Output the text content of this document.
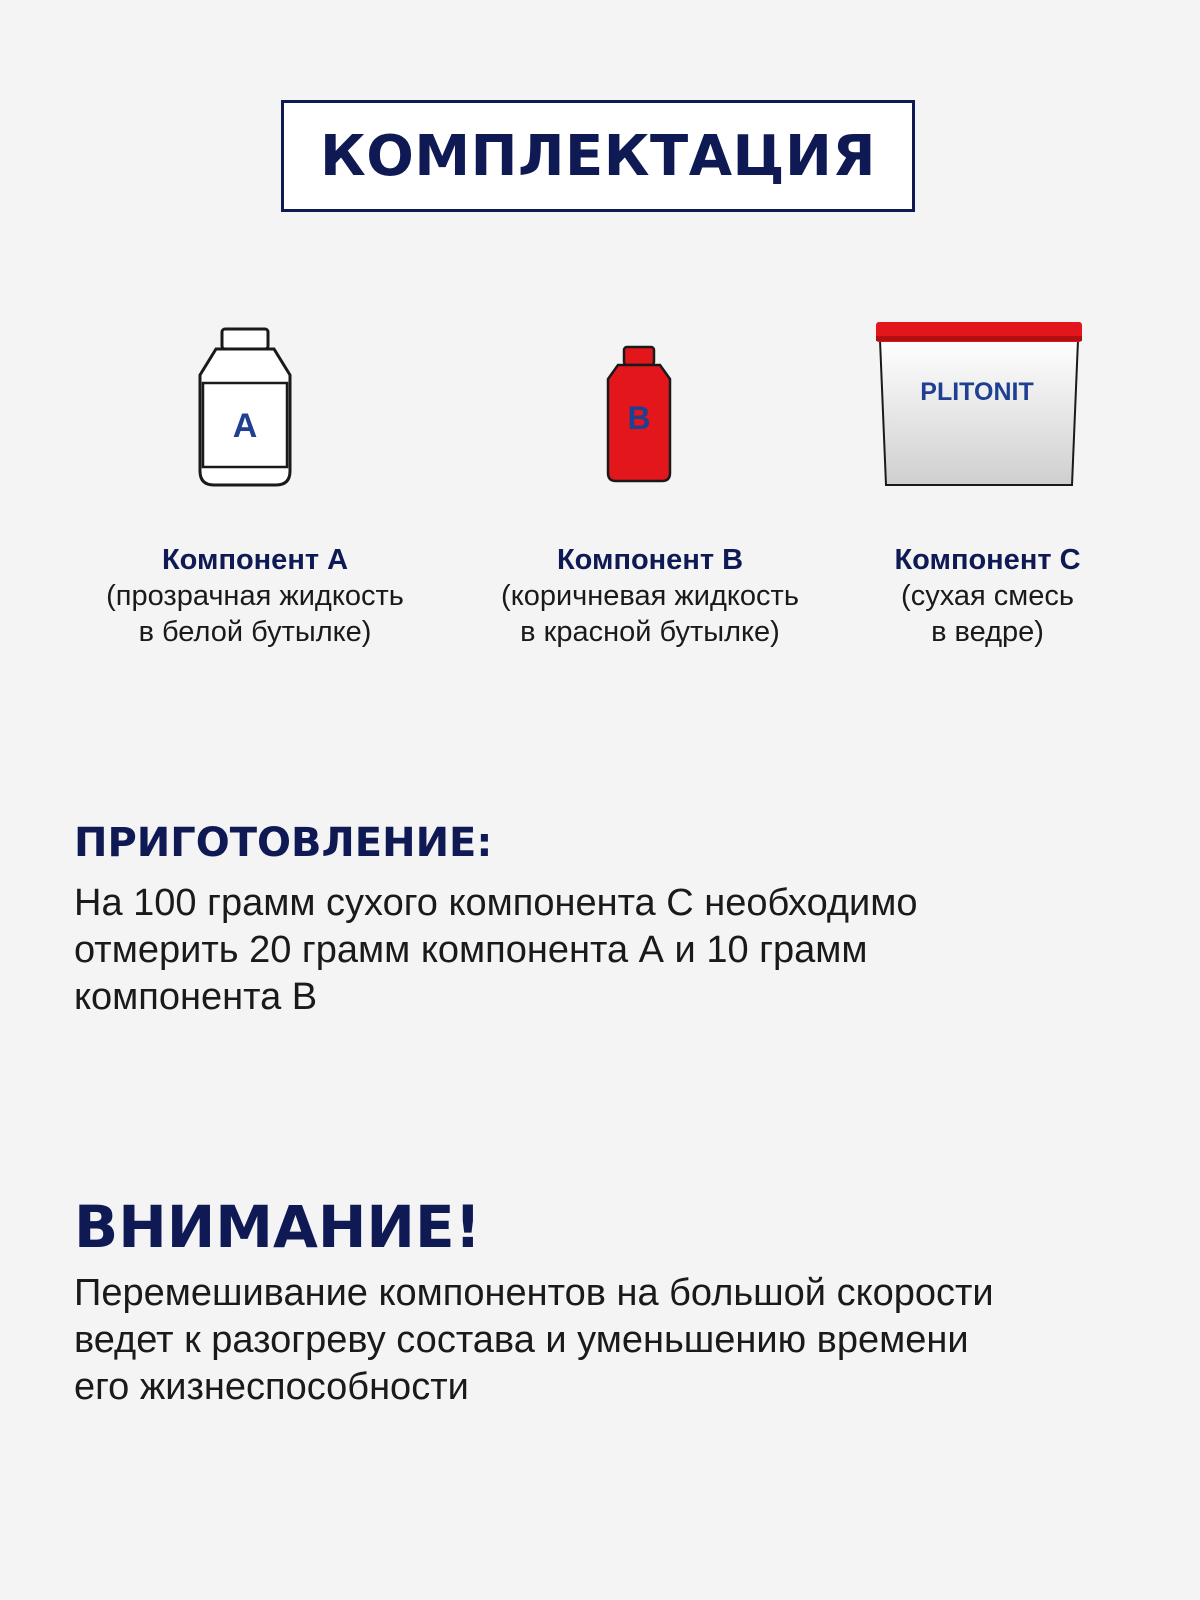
КОМПЛЕКТАЦИЯ
A	B
PLITONIT
Компонент А
(прозрачная жидкость
в белой бутылке)
Компонент В
(коричневая жидкость
в красной бутылке)
Компонент С
(сухая смесь
в ведре)
ПРИГОТОВЛЕНИЕ:
На 100 грамм сухого компонента С необходимо
отмерить 20 грамм компонента А и 10 грамм
компонента В
ВНИМАНИЕ!
Перемешивание компонентов на большой скорости
ведет к разогреву состава и уменьшению времени
его жизнеспособности
